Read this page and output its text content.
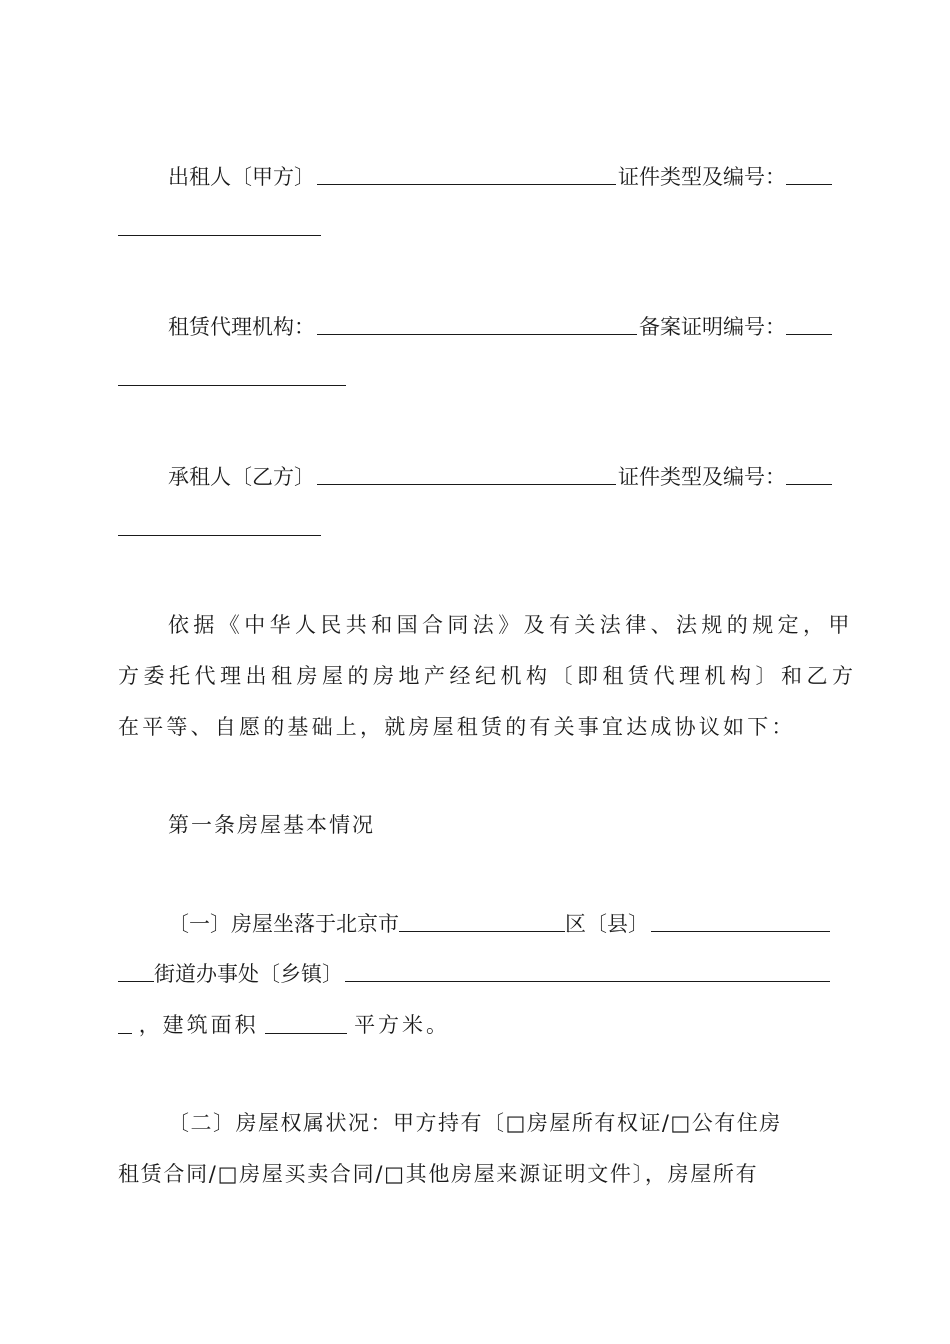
出租人〔甲方〕	证件类型及编号：
租赁代理机构：	备案证明编号：
承租人〔乙方〕	证件类型及编号：
依据《中华人民共和国合同法》及有关法律、法规的规定，甲
方委托代理出租房屋的房地产经纪机构〔即租赁代理机构〕和乙方
在平等、自愿的基础上，就房屋租赁的有关事宜达成协议如下：
第一条房屋基本情况
〔一〕房屋坐落于北京市	区〔县〕
街道办事处〔乡镇〕
，建筑面积	平方米。
〔二〕房屋权属状况：甲方持有〔□房屋所有权证/□公有住房
租赁合同/□房屋买卖合同/□其他房屋来源证明文件〕，房屋所有
